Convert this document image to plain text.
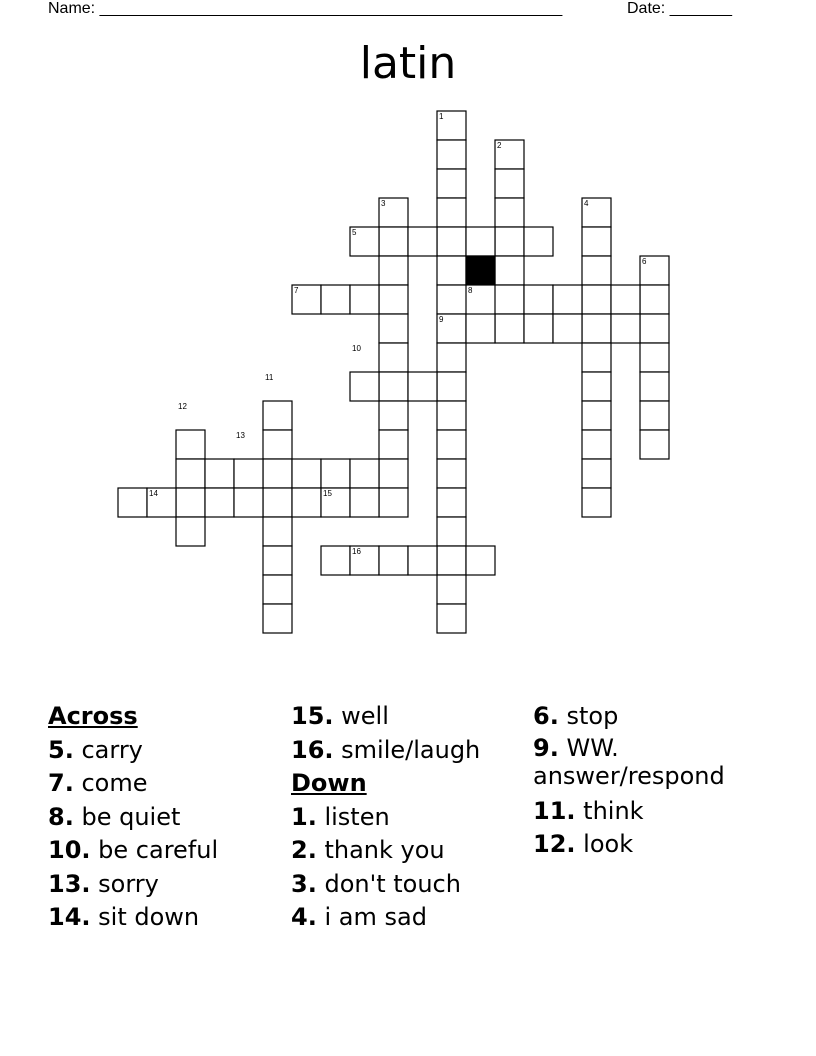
Name: ____________________________________________________	Date: _______
latin
1
2
3	4
5
6
7	8
9
10
11
12
13
14	15
16
Across
5. carry
7. come
8. be quiet
10. be careful
13. sorry
14. sit down
15. well
16. smile/laugh
Down
1. listen
2. thank you
3. don't touch
4. i am sad
6. stop
9. WW. answer/respond
11. think
12. look
